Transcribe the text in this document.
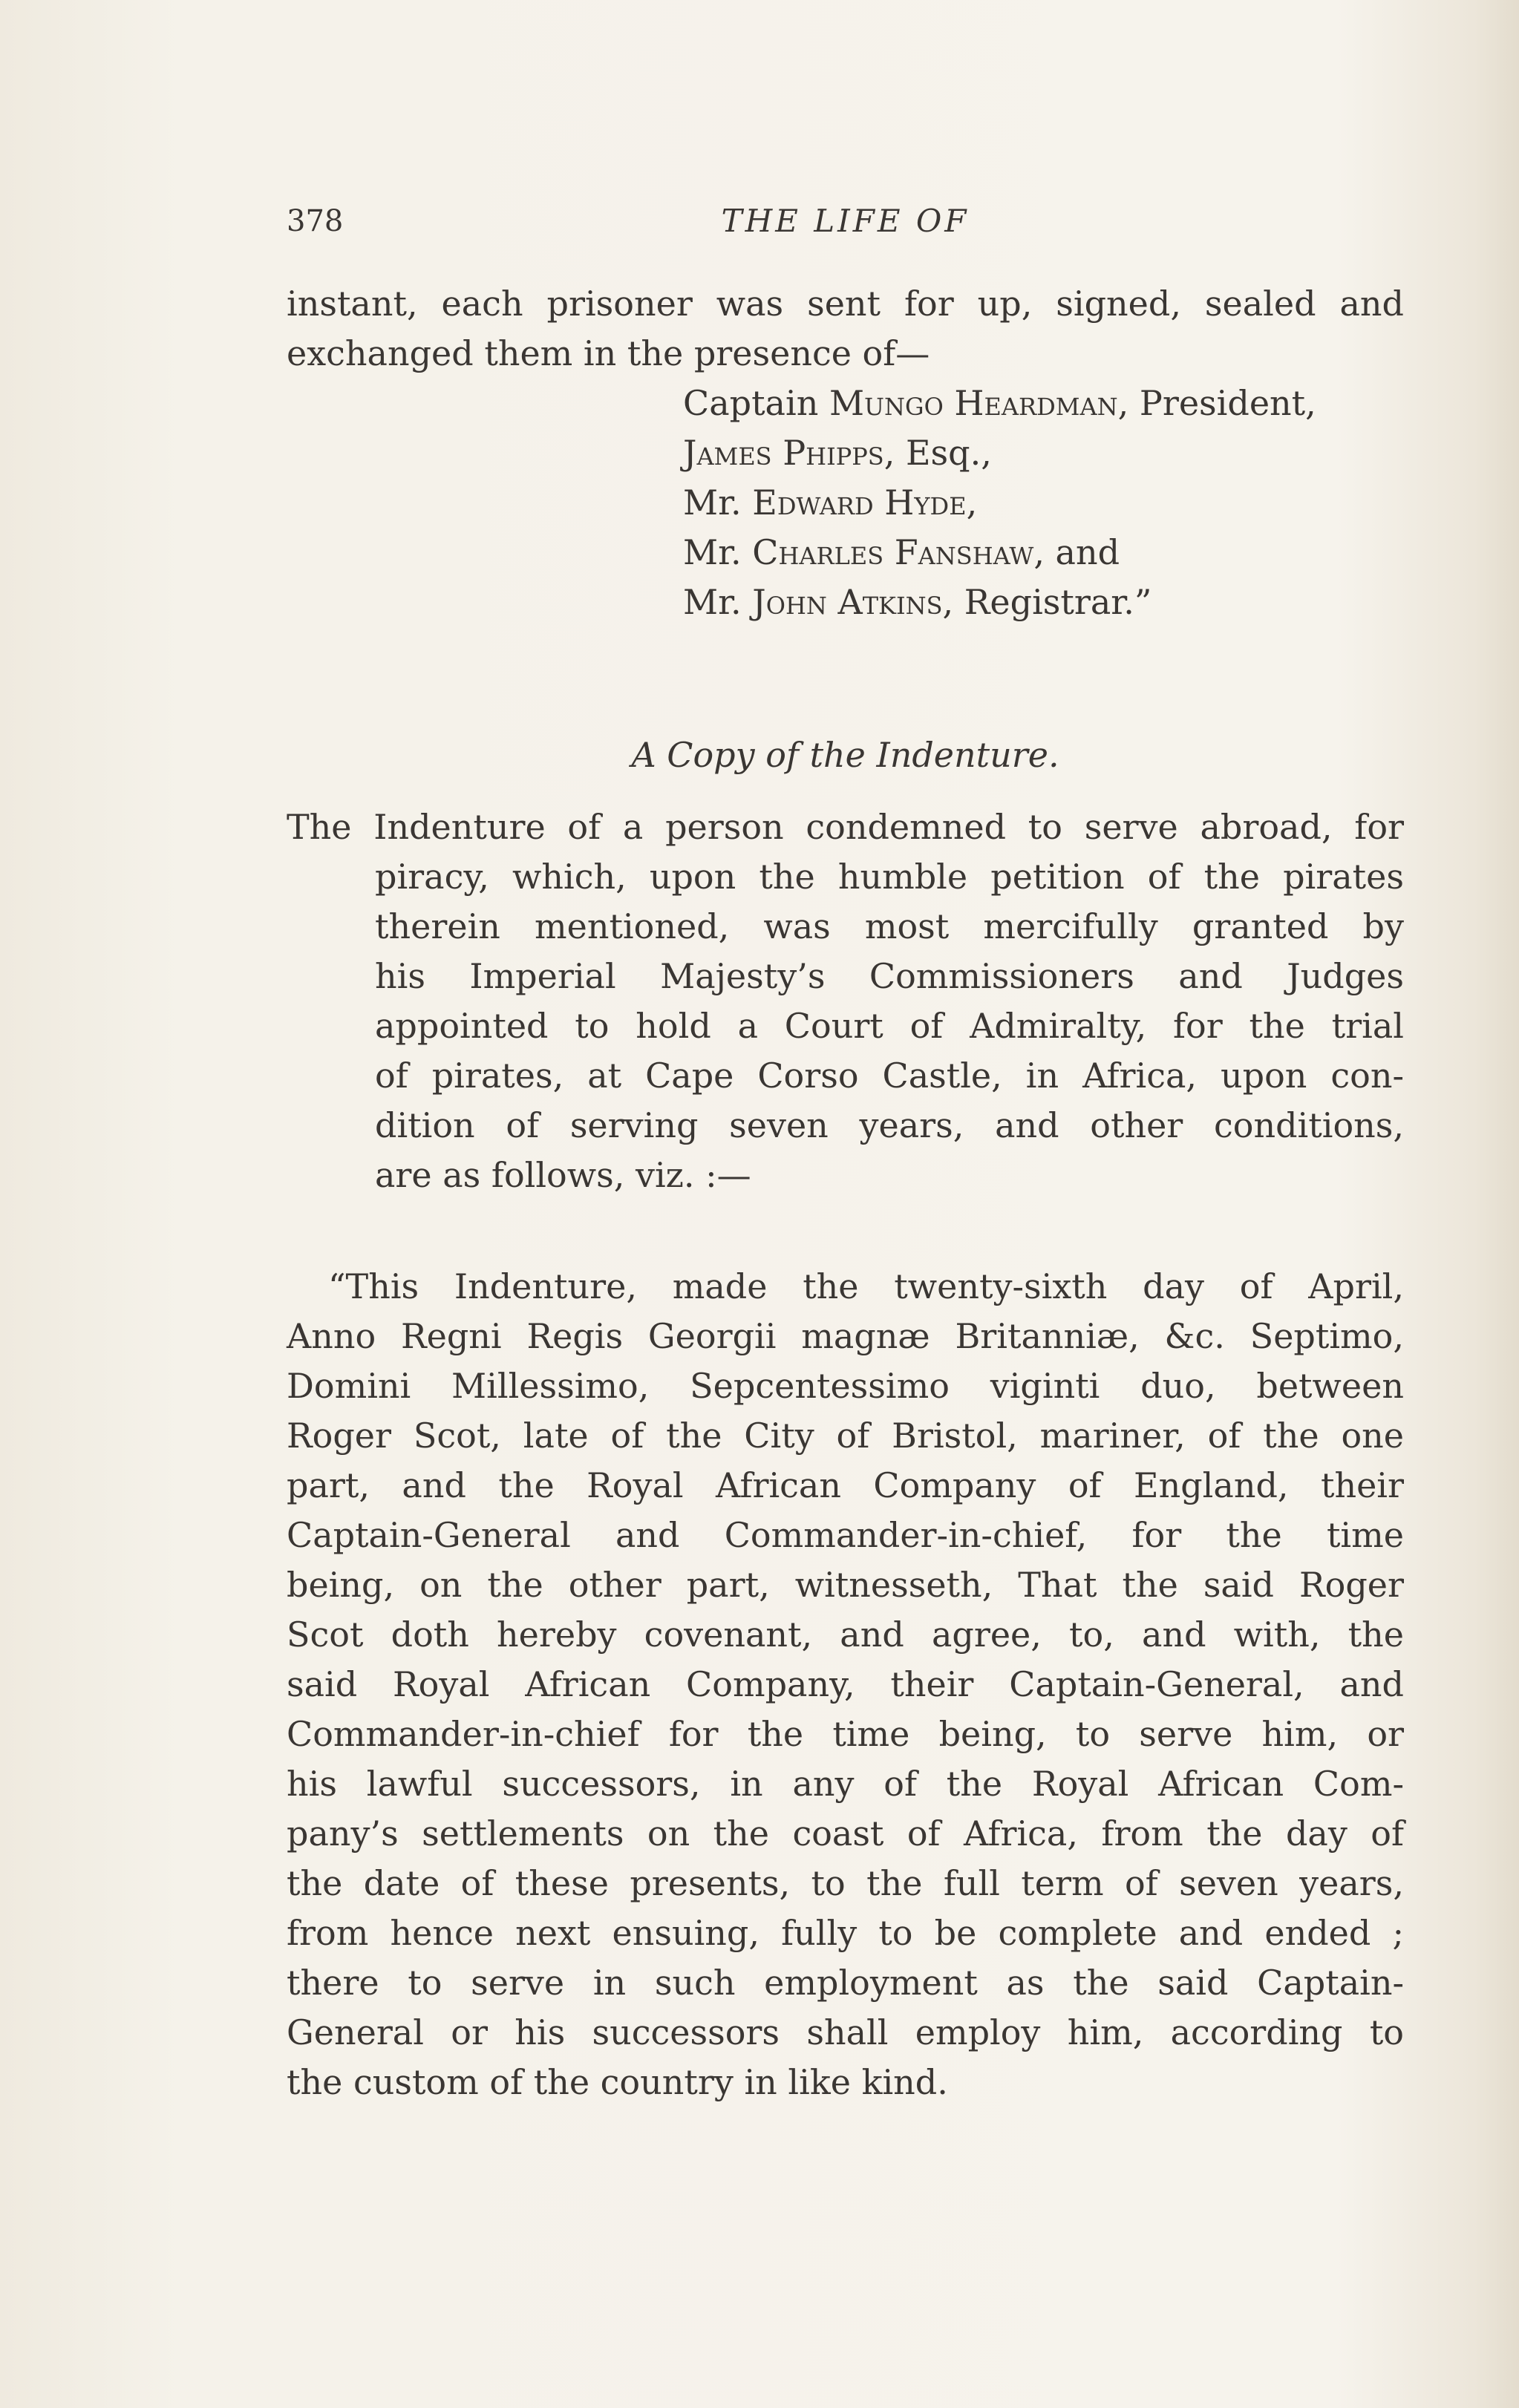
378	THE LIFE OF
instant, each prisoner was sent for up, signed, sealed and
exchanged them in the presence of—
Captain Mungo Heardman, President,
James Phipps, Esq.,
Mr. Edward Hyde,
Mr. Charles Fanshaw, and
Mr. John Atkins, Registrar.”
A Copy of the Indenture.
The Indenture of a person condemned to serve abroad, for
piracy, which, upon the humble petition of the pirates
therein mentioned, was most mercifully granted by
his Imperial Majesty’s Commissioners and Judges
appointed to hold a Court of Admiralty, for the trial
of pirates, at Cape Corso Castle, in Africa, upon con-
dition of serving seven years, and other conditions,
are as follows, viz. :—
“This Indenture, made the twenty-sixth day of April,
Anno Regni Regis Georgii magnæ Britanniæ, &c. Septimo,
Domini Millessimo, Sepcentessimo viginti duo, between
Roger Scot, late of the City of Bristol, mariner, of the one
part, and the Royal African Company of England, their
Captain-General and Commander-in-chief, for the time
being, on the other part, witnesseth, That the said Roger
Scot doth hereby covenant, and agree, to, and with, the
said Royal African Company, their Captain-General, and
Commander-in-chief for the time being, to serve him, or
his lawful successors, in any of the Royal African Com-
pany’s settlements on the coast of Africa, from the day of
the date of these presents, to the full term of seven years,
from hence next ensuing, fully to be complete and ended ;
there to serve in such employment as the said Captain-
General or his successors shall employ him, according to
the custom of the country in like kind.
